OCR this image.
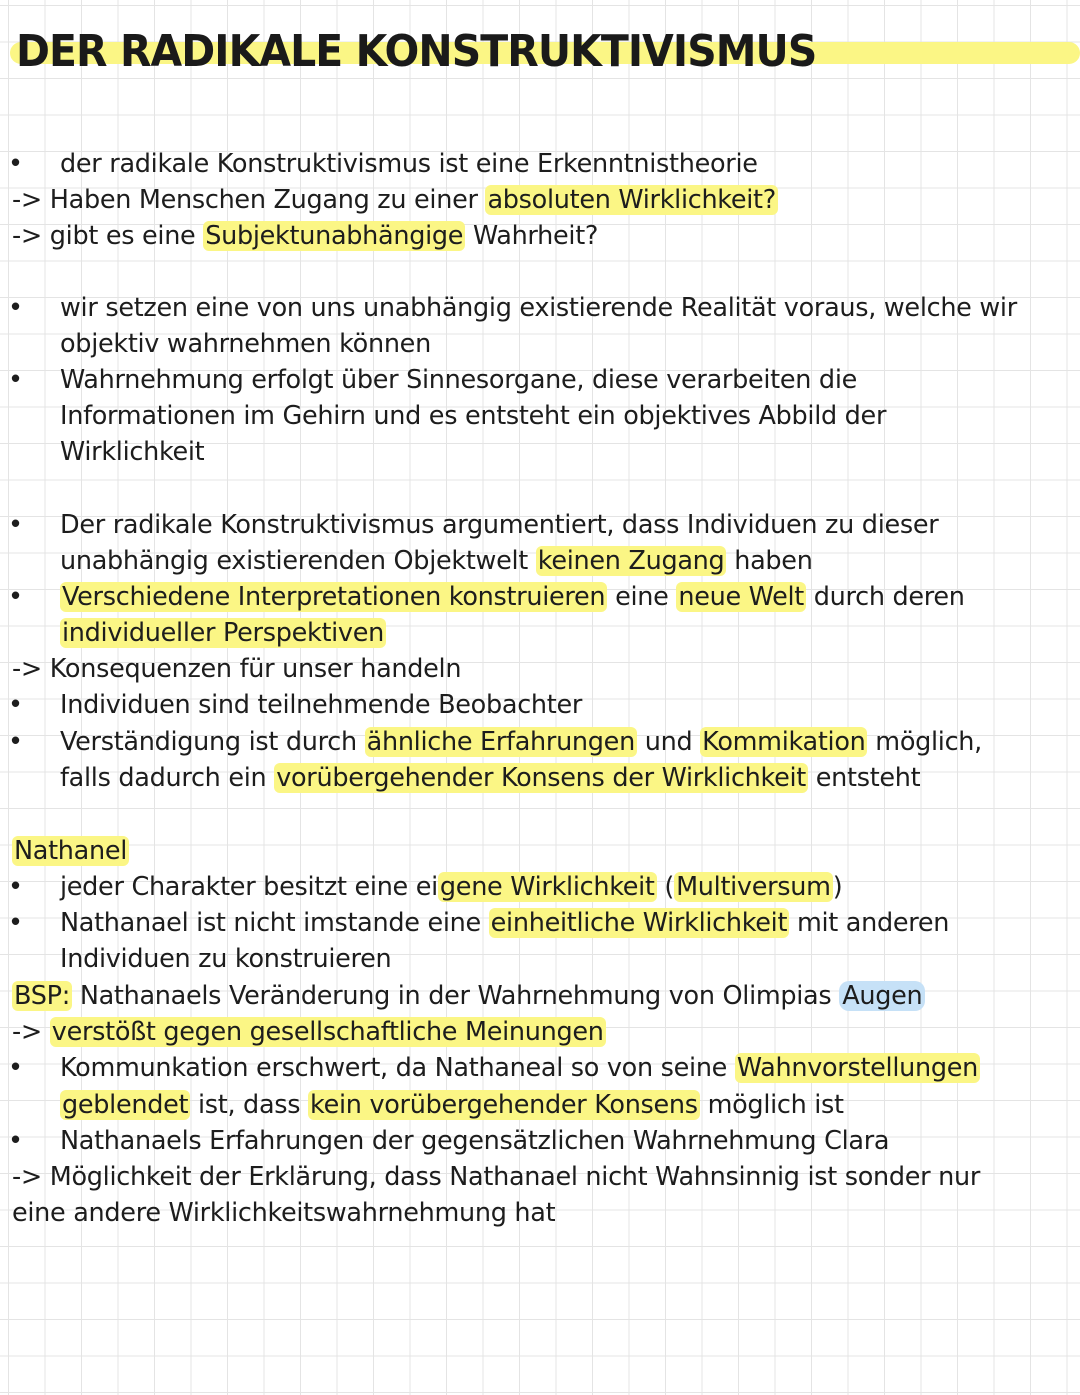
DER RADIKALE KONSTRUKTIVISMUS
• der radikale Konstruktivismus ist eine Erkenntnistheorie
-> Haben Menschen Zugang zu einer absoluten Wirklichkeit?
-> gibt es eine Subjektunabhängige Wahrheit?
• wir setzen eine von uns unabhängig existierende Realität voraus, welche wir
objektiv wahrnehmen können
• Wahrnehmung erfolgt über Sinnesorgane, diese verarbeiten die
Informationen im Gehirn und es entsteht ein objektives Abbild der
Wirklichkeit
• Der radikale Konstruktivismus argumentiert, dass Individuen zu dieser
unabhängig existierenden Objektwelt keinen Zugang haben
• Verschiedene Interpretationen konstruieren eine neue Welt durch deren
individueller Perspektiven
-> Konsequenzen für unser handeln
• Individuen sind teilnehmende Beobachter
• Verständigung ist durch ähnliche Erfahrungen und Kommikation möglich,
falls dadurch ein vorübergehender Konsens der Wirklichkeit entsteht
Nathanel
• jeder Charakter besitzt eine eigene Wirklichkeit (Multiversum)
• Nathanael ist nicht imstande eine einheitliche Wirklichkeit mit anderen
Individuen zu konstruieren
BSP: Nathanaels Veränderung in der Wahrnehmung von Olimpias Augen
-> verstößt gegen gesellschaftliche Meinungen
• Kommunkation erschwert, da Nathaneal so von seine Wahnvorstellungen
geblendet ist, dass kein vorübergehender Konsens möglich ist
• Nathanaels Erfahrungen der gegensätzlichen Wahrnehmung Clara
-> Möglichkeit der Erklärung, dass Nathanael nicht Wahnsinnig ist sonder nur
eine andere Wirklichkeitswahrnehmung hat
